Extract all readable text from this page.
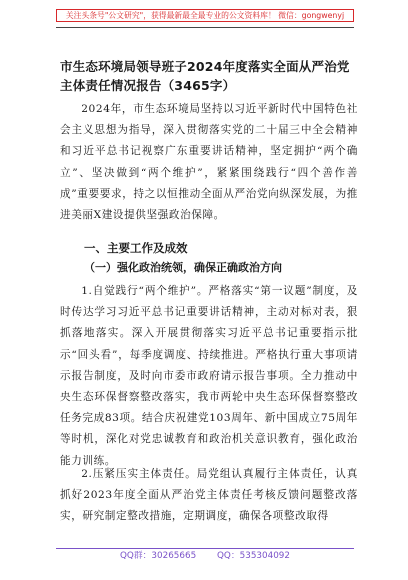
关注头条号"公文研究"，获得最新最全最专业的公文资料库！ 微信：gongwenyj
市生态环境局领导班子2024年度落实全面从严治党主体责任情况报告（3465字）

2024年，市生态环境局坚持以习近平新时代中国特色社会主义思想为指导，深入贯彻落实党的二十届三中全会精神和习近平总书记视察广东重要讲话精神，坚定拥护“两个确立”、坚决做到“两个维护”，紧紧围绕践行“四个善作善成”重要要求，持之以恒推动全面从严治党向纵深发展，为推进美丽X建设提供坚强政治保障。

一、主要工作及成效
（一）强化政治统领，确保正确政治方向

1.自觉践行“两个维护”。严格落实“第一议题”制度，及时传达学习习近平总书记重要讲话精神，主动对标对表，狠抓落地落实。深入开展贯彻落实习近平总书记重要指示批示“回头看”，每季度调度、持续推进。严格执行重大事项请示报告制度，及时向市委市政府请示报告事项。全力推动中央生态环保督察整改落实，我市两轮中央生态环保督察整改任务完成83项。结合庆祝建党103周年、新中国成立75周年等时机，深化对党忠诚教育和政治机关意识教育，强化政治能力训练。

2.压紧压实主体责任。局党组认真履行主体责任，认真抓好2023年度全面从严治党主体责任考核反馈问题整改落实，研究制定整改措施，定期调度，确保各项整改取得

QQ群：30265665 QQ：535304092
